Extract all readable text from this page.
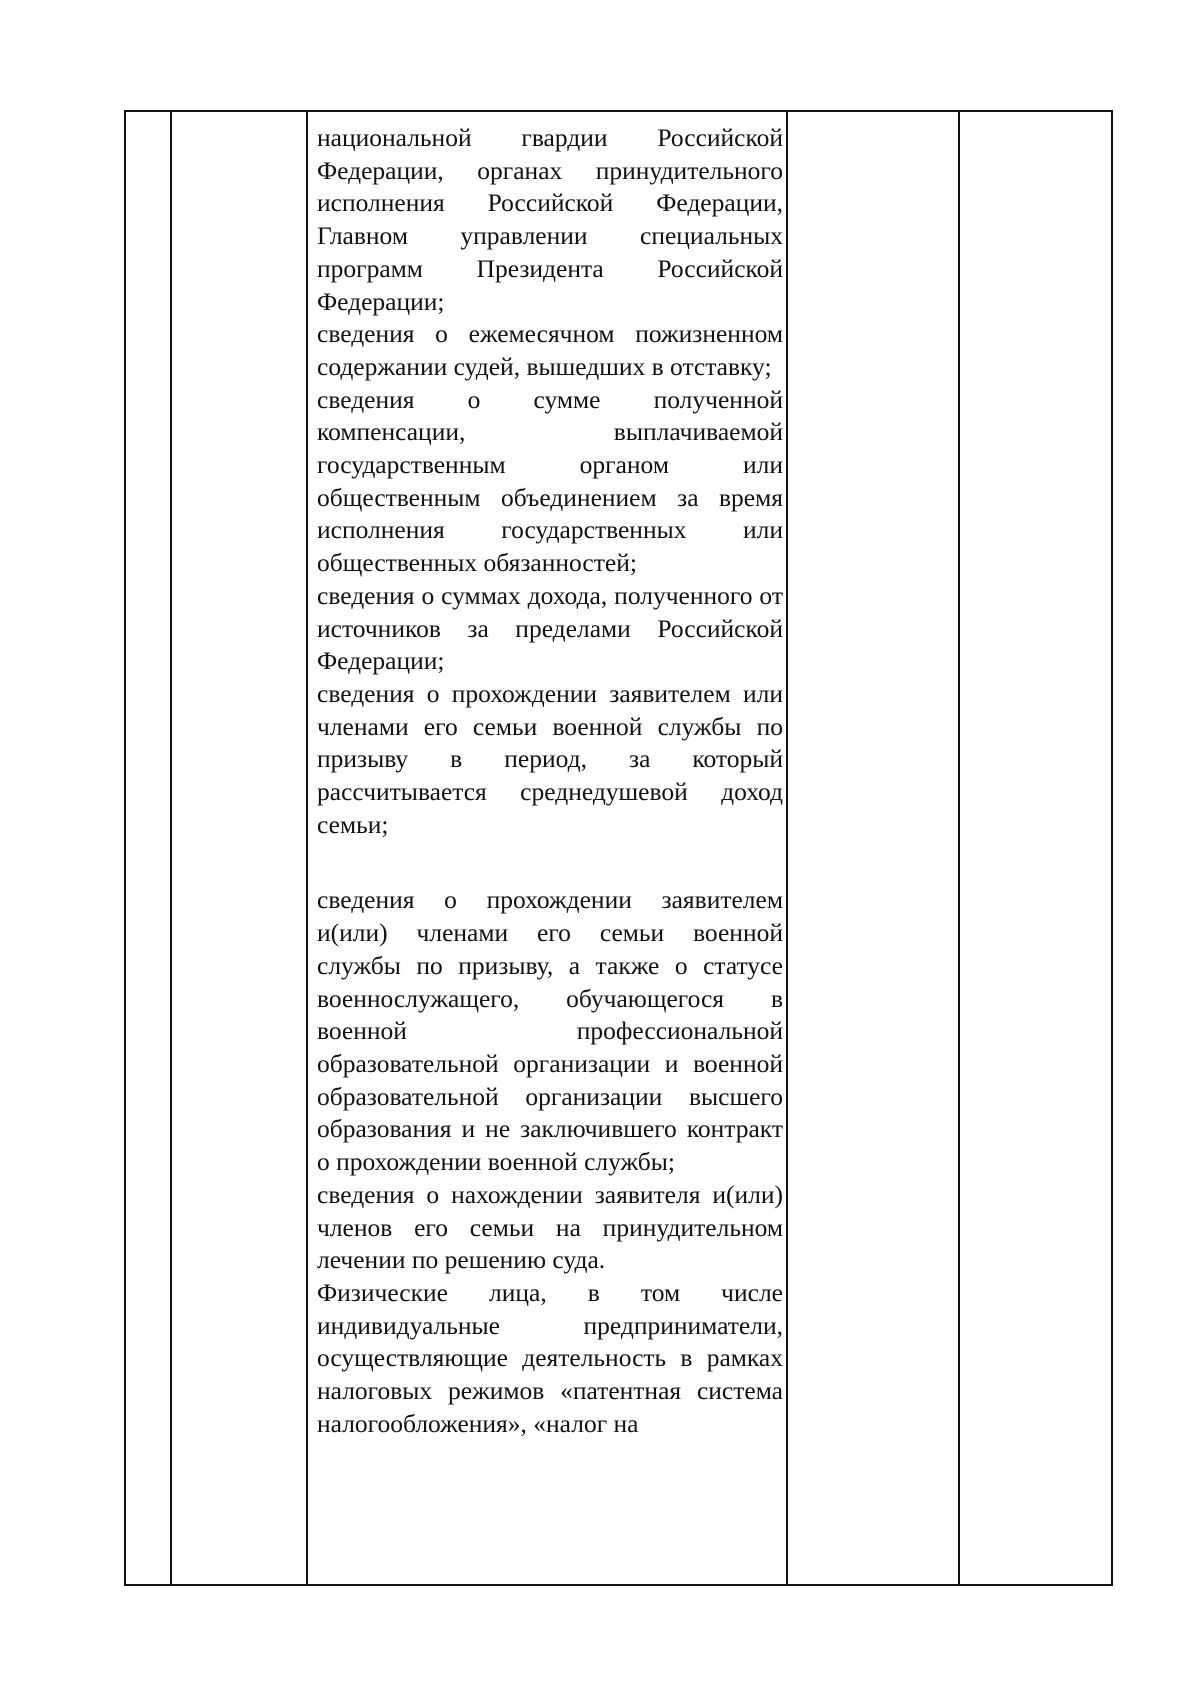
национальной гвардии Российской Федерации, органах принудительного исполнения Российской Федерации, Главном управлении специальных программ Президента Российской Федерации;

сведения о ежемесячном пожизненном содержании судей, вышедших в отставку;

сведения о сумме полученной компенсации, выплачиваемой государственным органом или общественным объединением за время исполнения государственных или общественных обязанностей;

сведения о суммах дохода, полученного от источников за пределами Российской Федерации;

сведения о прохождении заявителем или членами его семьи военной службы по призыву в период, за который рассчитывается среднедушевой доход семьи;

сведения о прохождении заявителем и(или) членами его семьи военной службы по призыву, а также о статусе военнослужащего, обучающегося в военной профессиональной образовательной организации и военной образовательной организации высшего образования и не заключившего контракт о прохождении военной службы;

сведения о нахождении заявителя и(или) членов его семьи на принудительном лечении по решению суда.

Физические лица, в том числе индивидуальные предприниматели, осуществляющие деятельность в рамках налоговых режимов «патентная система налогообложения», «налог на
